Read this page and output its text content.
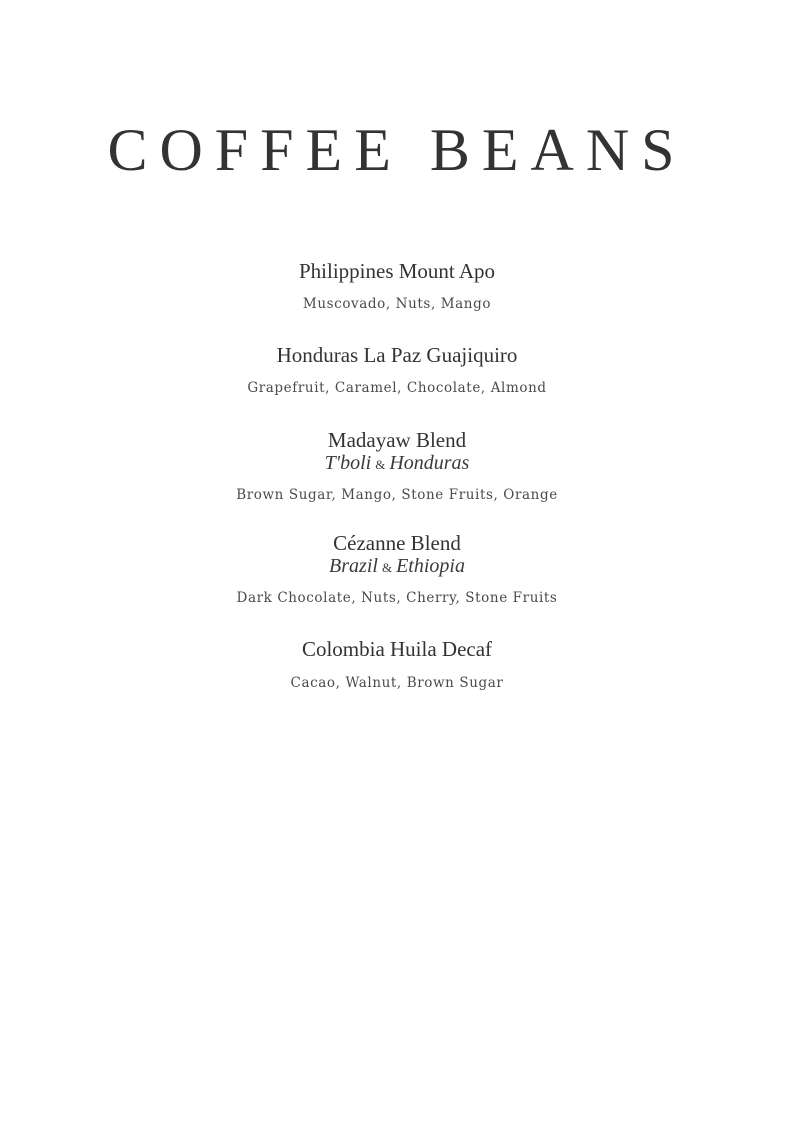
COFFEE BEANS
Philippines Mount Apo
Muscovado, Nuts, Mango
Honduras La Paz Guajiquiro
Grapefruit, Caramel, Chocolate, Almond
Madayaw Blend
T'boli & Honduras
Brown Sugar, Mango, Stone Fruits, Orange
Cézanne Blend
Brazil & Ethiopia
Dark Chocolate, Nuts, Cherry, Stone Fruits
Colombia Huila Decaf
Cacao, Walnut, Brown Sugar
